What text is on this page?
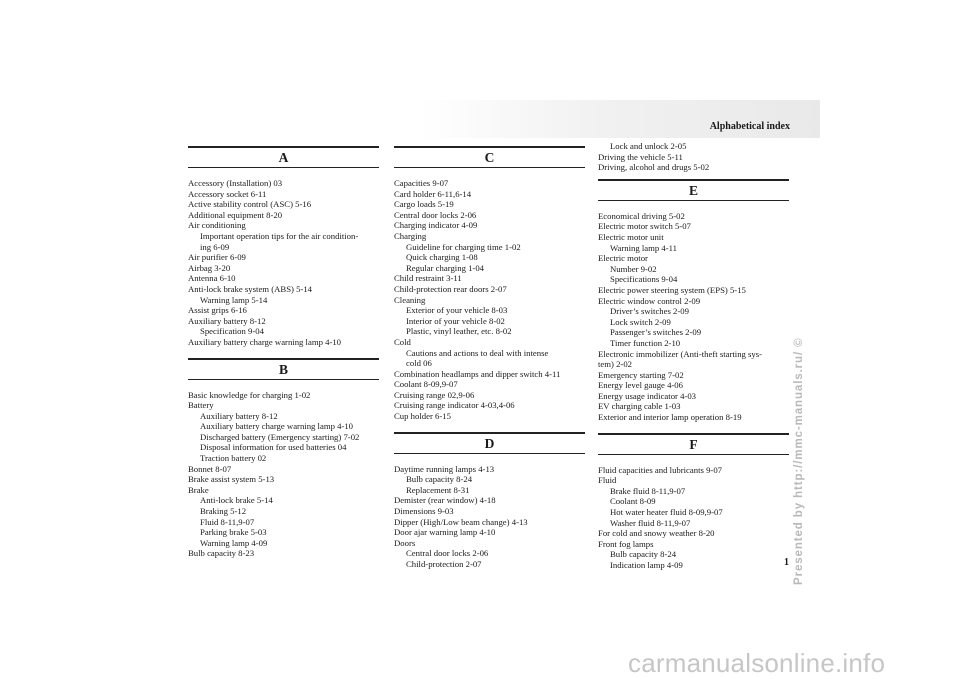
Alphabetical index
A
Accessory (Installation) 03
Accessory socket 6-11
Active stability control (ASC) 5-16
Additional equipment 8-20
Air conditioning
Important operation tips for the air condition-
ing 6-09
Air purifier 6-09
Airbag 3-20
Antenna 6-10
Anti-lock brake system (ABS) 5-14
Warning lamp 5-14
Assist grips 6-16
Auxiliary battery 8-12
Specification 9-04
Auxiliary battery charge warning lamp 4-10
B
Basic knowledge for charging 1-02
Battery
Auxiliary battery 8-12
Auxiliary battery charge warning lamp 4-10
Discharged battery (Emergency starting) 7-02
Disposal information for used batteries 04
Traction battery 02
Bonnet 8-07
Brake assist system 5-13
Brake
Anti-lock brake 5-14
Braking 5-12
Fluid 8-11,9-07
Parking brake 5-03
Warning lamp 4-09
Bulb capacity 8-23
C
Capacities 9-07
Card holder 6-11,6-14
Cargo loads 5-19
Central door locks 2-06
Charging indicator 4-09
Charging
Guideline for charging time 1-02
Quick charging 1-08
Regular charging 1-04
Child restraint 3-11
Child-protection rear doors 2-07
Cleaning
Exterior of your vehicle 8-03
Interior of your vehicle 8-02
Plastic, vinyl leather, etc. 8-02
Cold
Cautions and actions to deal with intense
cold 06
Combination headlamps and dipper switch 4-11
Coolant 8-09,9-07
Cruising range 02,9-06
Cruising range indicator 4-03,4-06
Cup holder 6-15
D
Daytime running lamps 4-13
Bulb capacity 8-24
Replacement 8-31
Demister (rear window) 4-18
Dimensions 9-03
Dipper (High/Low beam change) 4-13
Door ajar warning lamp 4-10
Doors
Central door locks 2-06
Child-protection 2-07
Lock and unlock 2-05
Driving the vehicle 5-11
Driving, alcohol and drugs 5-02
E
Economical driving 5-02
Electric motor switch 5-07
Electric motor unit
Warning lamp 4-11
Electric motor
Number 9-02
Specifications 9-04
Electric power steering system (EPS) 5-15
Electric window control 2-09
Driver’s switches 2-09
Lock switch 2-09
Passenger’s switches 2-09
Timer function 2-10
Electronic immobilizer (Anti-theft starting sys-
tem) 2-02
Emergency starting 7-02
Energy level gauge 4-06
Energy usage indicator 4-03
EV charging cable 1-03
Exterior and interior lamp operation 8-19
F
Fluid capacities and lubricants 9-07
Fluid
Brake fluid 8-11,9-07
Coolant 8-09
Hot water heater fluid 8-09,9-07
Washer fluid 8-11,9-07
For cold and snowy weather 8-20
Front fog lamps
Bulb capacity 8-24
Indication lamp 4-09	1 Presented by http://mmc-manuals.ru/ ©
carmanualsonline.info
